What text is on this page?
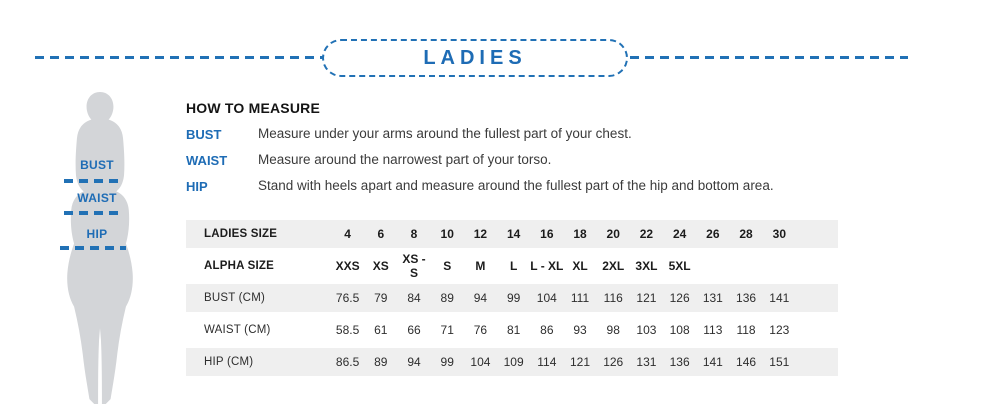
LADIES
BUST
WAIST
HIP
HOW TO MEASURE
BUST	Measure under your arms around the fullest part of your chest.
WAIST	Measure around the narrowest part of your torso.
HIP	Stand with heels apart and measure around the fullest part of the hip and bottom area.
LADIES SIZE	4	6	8	10	12	14	16	18	20	22	24	26	28	30	
ALPHA SIZE	XXS	XS	XS - S	S	M	L	L - XL	XL	2XL	3XL	5XL				
BUST (CM)	76.5	79	84	89	94	99	104	111	116	121	126	131	136	141	
WAIST (CM)	58.5	61	66	71	76	81	86	93	98	103	108	113	118	123	
HIP (CM)	86.5	89	94	99	104	109	114	121	126	131	136	141	146	151	
